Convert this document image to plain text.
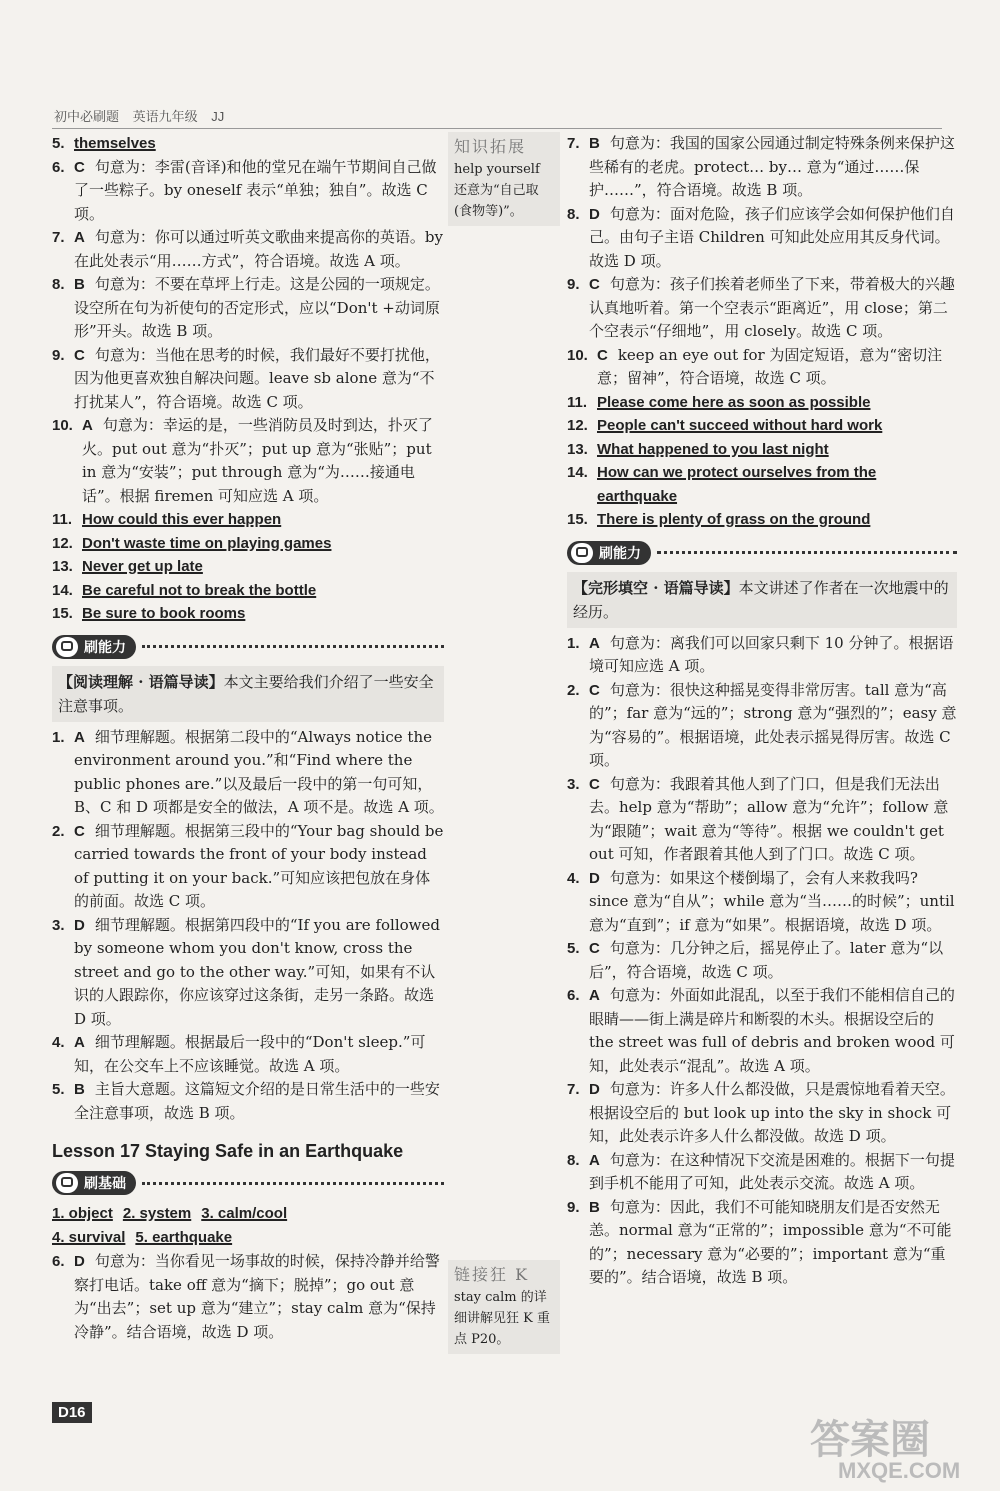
初中必刷题 英语九年级 JJ
5. themselves
6. C 句意为：李雷(音译)和他的堂兄在端午节期间自己做了一些粽子。by oneself 表示“单独；独自”。故选 C 项。
7. A 句意为：你可以通过听英文歌曲来提高你的英语。by 在此处表示“用……方式”，符合语境。故选 A 项。
8. B 句意为：不要在草坪上行走。这是公园的一项规定。设空所在句为祈使句的否定形式，应以“Don't +动词原形”开头。故选 B 项。
9. C 句意为：当他在思考的时候，我们最好不要打扰他，因为他更喜欢独自解决问题。leave sb alone 意为“不打扰某人”，符合语境。故选 C 项。
10. A 句意为：幸运的是，一些消防员及时到达，扑灭了火。put out 意为“扑灭”；put up 意为“张贴”；put in 意为“安装”；put through 意为“为……接通电话”。根据 firemen 可知应选 A 项。
11. How could this ever happen
12. Don't waste time on playing games
13. Never get up late
14. Be careful not to break the bottle
15. Be sure to book rooms
刷能力
【阅读理解 · 语篇导读】本文主要给我们介绍了一些安全注意事项。
1. A 细节理解题。根据第二段中的“Always notice the environment around you.”和“Find where the public phones are.”以及最后一段中的第一句可知，B、C 和 D 项都是安全的做法，A 项不是。故选 A 项。
2. C 细节理解题。根据第三段中的“Your bag should be carried towards the front of your body instead of putting it on your back.”可知应该把包放在身体的前面。故选 C 项。
3. D 细节理解题。根据第四段中的“If you are followed by someone whom you don't know, cross the street and go to the other way.”可知，如果有不认识的人跟踪你，你应该穿过这条街，走另一条路。故选 D 项。
4. A 细节理解题。根据最后一段中的“Don't sleep.”可知，在公交车上不应该睡觉。故选 A 项。
5. B 主旨大意题。这篇短文介绍的是日常生活中的一些安全注意事项，故选 B 项。
Lesson 17 Staying Safe in an Earthquake
刷基础
1. object 2. system 3. calm/cool
4. survival 5. earthquake
6. D 句意为：当你看见一场事故的时候，保持冷静并给警察打电话。take off 意为“摘下；脱掉”；go out 意为“出去”；set up 意为“建立”；stay calm 意为“保持冷静”。结合语境，故选 D 项。
知识拓展
help yourself 还意为“自己取(食物等)”。
链接狂 K
stay calm 的详细讲解见狂 K 重点 P20。
7. B 句意为：我国的国家公园通过制定特殊条例来保护这些稀有的老虎。protect… by… 意为“通过……保护……”，符合语境。故选 B 项。
8. D 句意为：面对危险，孩子们应该学会如何保护他们自己。由句子主语 Children 可知此处应用其反身代词。故选 D 项。
9. C 句意为：孩子们挨着老师坐了下来，带着极大的兴趣认真地听着。第一个空表示“距离近”，用 close；第二个空表示“仔细地”，用 closely。故选 C 项。
10. C keep an eye out for 为固定短语，意为“密切注意；留神”，符合语境，故选 C 项。
11. Please come here as soon as possible
12. People can't succeed without hard work
13. What happened to you last night
14. How can we protect ourselves from the earthquake
15. There is plenty of grass on the ground
刷能力
【完形填空 · 语篇导读】本文讲述了作者在一次地震中的经历。
1. A 句意为：离我们可以回家只剩下 10 分钟了。根据语境可知应选 A 项。
2. C 句意为：很快这种摇晃变得非常厉害。tall 意为“高的”；far 意为“远的”；strong 意为“强烈的”；easy 意为“容易的”。根据语境，此处表示摇晃得厉害。故选 C 项。
3. C 句意为：我跟着其他人到了门口，但是我们无法出去。help 意为“帮助”；allow 意为“允许”；follow 意为“跟随”；wait 意为“等待”。根据 we couldn't get out 可知，作者跟着其他人到了门口。故选 C 项。
4. D 句意为：如果这个楼倒塌了，会有人来救我吗? since 意为“自从”；while 意为“当……的时候”；until 意为“直到”；if 意为“如果”。根据语境，故选 D 项。
5. C 句意为：几分钟之后，摇晃停止了。later 意为“以后”，符合语境，故选 C 项。
6. A 句意为：外面如此混乱，以至于我们不能相信自己的眼睛——街上满是碎片和断裂的木头。根据设空后的 the street was full of debris and broken wood 可知，此处表示“混乱”。故选 A 项。
7. D 句意为：许多人什么都没做，只是震惊地看着天空。根据设空后的 but look up into the sky in shock 可知，此处表示许多人什么都没做。故选 D 项。
8. A 句意为：在这种情况下交流是困难的。根据下一句提到手机不能用了可知，此处表示交流。故选 A 项。
9. B 句意为：因此，我们不可能知晓朋友们是否安然无恙。normal 意为“正常的”；impossible 意为“不可能的”；necessary 意为“必要的”；important 意为“重要的”。结合语境，故选 B 项。
D16
答案圈
MXQE.COM
